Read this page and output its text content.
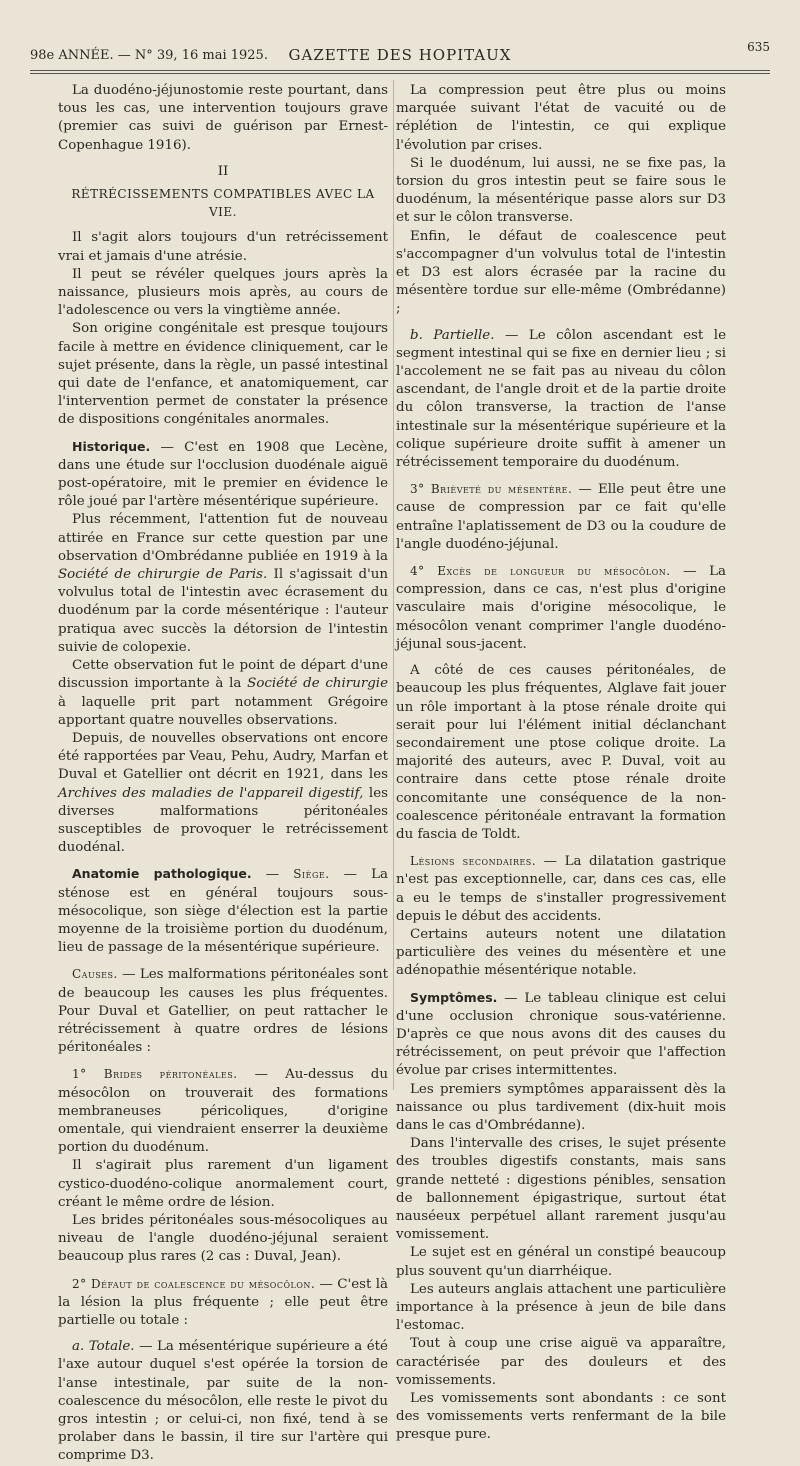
98e ANNÉE. — N° 39, 16 mai 1925.	GAZETTE DES HOPITAUX	635

La duodéno-jéjunostomie reste pourtant, dans tous les cas, une intervention toujours grave (premier cas suivi de guérison par Ernest-Copenhague 1916).

II

RÉTRÉCISSEMENTS COMPATIBLES AVEC LA VIE.

Il s'agit alors toujours d'un retrécissement vrai et jamais d'une atrésie.

Il peut se révéler quelques jours après la naissance, plusieurs mois après, au cours de l'adolescence ou vers la vingtième année.

Son origine congénitale est presque toujours facile à mettre en évidence cliniquement, car le sujet présente, dans la règle, un passé intestinal qui date de l'enfance, et anatomiquement, car l'intervention permet de constater la présence de dispositions congénitales anormales.

Historique. — C'est en 1908 que Lecène, dans une étude sur l'occlusion duodénale aiguë post-opératoire, mit le premier en évidence le rôle joué par l'artère mésentérique supérieure.

Plus récemment, l'attention fut de nouveau attirée en France sur cette question par une observation d'Ombrédanne publiée en 1919 à la Société de chirurgie de Paris. Il s'agissait d'un volvulus total de l'intestin avec écrasement du duodénum par la corde mésentérique : l'auteur pratiqua avec succès la détorsion de l'intestin suivie de colopexie.

Cette observation fut le point de départ d'une discussion importante à la Société de chirurgie à laquelle prit part notamment Grégoire apportant quatre nouvelles observations.

Depuis, de nouvelles observations ont encore été rapportées par Veau, Pehu, Audry, Marfan et Duval et Gatellier ont décrit en 1921, dans les Archives des maladies de l'appareil digestif, les diverses malformations péritonéales susceptibles de provoquer le retrécissement duodénal.

Anatomie pathologique. — Siège. — La sténose est en général toujours sous-mésocolique, son siège d'élection est la partie moyenne de la troisième portion du duodénum, lieu de passage de la mésentérique supérieure.

Causes. — Les malformations péritonéales sont de beaucoup les causes les plus fréquentes. Pour Duval et Gatellier, on peut rattacher le rétrécissement à quatre ordres de lésions péritonéales :

1° Brides péritonéales. — Au-dessus du mésocôlon on trouverait des formations membraneuses péricoliques, d'origine omentale, qui viendraient enserrer la deuxième portion du duodénum.

Il s'agirait plus rarement d'un ligament cystico-duodéno-colique anormalement court, créant le même ordre de lésion.

Les brides péritonéales sous-mésocoliques au niveau de l'angle duodéno-jéjunal seraient beaucoup plus rares (2 cas : Duval, Jean).

2° Défaut de coalescence du mésocôlon. — C'est là la lésion la plus fréquente ; elle peut être partielle ou totale :

a. Totale. — La mésentérique supérieure a été l'axe autour duquel s'est opérée la torsion de l'anse intestinale, par suite de la non-coalescence du mésocôlon, elle reste le pivot du gros intestin ; or celui-ci, non fixé, tend à se prolaber dans le bassin, il tire sur l'artère qui comprime D3.

La compression peut être plus ou moins marquée suivant l'état de vacuité ou de réplétion de l'intestin, ce qui explique l'évolution par crises.

Si le duodénum, lui aussi, ne se fixe pas, la torsion du gros intestin peut se faire sous le duodénum, la mésentérique passe alors sur D3 et sur le côlon transverse.

Enfin, le défaut de coalescence peut s'accompagner d'un volvulus total de l'intestin et D3 est alors écrasée par la racine du mésentère tordue sur elle-même (Ombrédanne) ;

b. Partielle. — Le côlon ascendant est le segment intestinal qui se fixe en dernier lieu ; si l'accolement ne se fait pas au niveau du côlon ascendant, de l'angle droit et de la partie droite du côlon transverse, la traction de l'anse intestinale sur la mésentérique supérieure et la colique supérieure droite suffit à amener un rétrécissement temporaire du duodénum.

3° Brièveté du mésentère. — Elle peut être une cause de compression par ce fait qu'elle entraîne l'aplatissement de D3 ou la coudure de l'angle duodéno-jéjunal.

4° Excès de longueur du mésocôlon. — La compression, dans ce cas, n'est plus d'origine vasculaire mais d'origine mésocolique, le mésocôlon venant comprimer l'angle duodéno-jéjunal sous-jacent.

A côté de ces causes péritonéales, de beaucoup les plus fréquentes, Alglave fait jouer un rôle important à la ptose rénale droite qui serait pour lui l'élément initial déclanchant secondairement une ptose colique droite. La majorité des auteurs, avec P. Duval, voit au contraire dans cette ptose rénale droite concomitante une conséquence de la non-coalescence péritonéale entravant la formation du fascia de Toldt.

Lésions secondaires. — La dilatation gastrique n'est pas exceptionnelle, car, dans ces cas, elle a eu le temps de s'installer progressivement depuis le début des accidents.

Certains auteurs notent une dilatation particulière des veines du mésentère et une adénopathie mésentérique notable.

Symptômes. — Le tableau clinique est celui d'une occlusion chronique sous-vatérienne. D'après ce que nous avons dit des causes du rétrécissement, on peut prévoir que l'affection évolue par crises intermittentes.

Les premiers symptômes apparaissent dès la naissance ou plus tardivement (dix-huit mois dans le cas d'Ombrédanne).

Dans l'intervalle des crises, le sujet présente des troubles digestifs constants, mais sans grande netteté : digestions pénibles, sensation de ballonnement épigastrique, surtout état nauséeux perpétuel allant rarement jusqu'au vomissement.

Le sujet est en général un constipé beaucoup plus souvent qu'un diarrhéique.

Les auteurs anglais attachent une particulière importance à la présence à jeun de bile dans l'estomac.

Tout à coup une crise aiguë va apparaître, caractérisée par des douleurs et des vomissements.

Les vomissements sont abondants : ce sont des vomissements verts renfermant de la bile presque pure.
